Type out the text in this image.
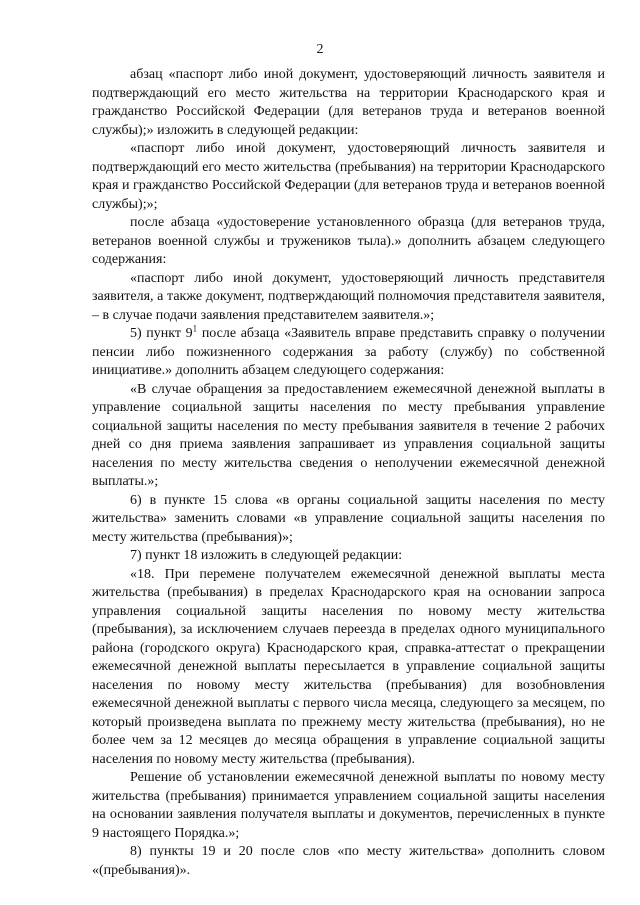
2

абзац «паспорт либо иной документ, удостоверяющий личность заявителя и подтверждающий его место жительства на территории Краснодарского края и гражданство Российской Федерации (для ветеранов труда и ветеранов военной службы);» изложить в следующей редакции:

«паспорт либо иной документ, удостоверяющий личность заявителя и подтверждающий его место жительства (пребывания) на территории Краснодарского края и гражданство Российской Федерации (для ветеранов труда и ветеранов военной службы);»;

после абзаца «удостоверение установленного образца (для ветеранов труда, ветеранов военной службы и тружеников тыла).» дополнить абзацем следующего содержания:

«паспорт либо иной документ, удостоверяющий личность представителя заявителя, а также документ, подтверждающий полномочия представителя заявителя, – в случае подачи заявления представителем заявителя.»;

5) пункт $9^1$ после абзаца «Заявитель вправе представить справку о получении пенсии либо пожизненного содержания за работу (службу) по собственной инициативе.» дополнить абзацем следующего содержания:

«В случае обращения за предоставлением ежемесячной денежной выплаты в управление социальной защиты населения по месту пребывания управление социальной защиты населения по месту пребывания заявителя в течение 2 рабочих дней со дня приема заявления запрашивает из управления социальной защиты населения по месту жительства сведения о неполучении ежемесячной денежной выплаты.»;

6) в пункте 15 слова «в органы социальной защиты населения по месту жительства» заменить словами «в управление социальной защиты населения по месту жительства (пребывания)»;

7) пункт 18 изложить в следующей редакции:

«18. При перемене получателем ежемесячной денежной выплаты места жительства (пребывания) в пределах Краснодарского края на основании запроса управления социальной защиты населения по новому месту жительства (пребывания), за исключением случаев переезда в пределах одного муниципального района (городского округа) Краснодарского края, справка-аттестат о прекращении ежемесячной денежной выплаты пересылается в управление социальной защиты населения по новому месту жительства (пребывания) для возобновления ежемесячной денежной выплаты с первого числа месяца, следующего за месяцем, по который произведена выплата по прежнему месту жительства (пребывания), но не более чем за 12 месяцев до месяца обращения в управление социальной защиты населения по новому месту жительства (пребывания).

Решение об установлении ежемесячной денежной выплаты по новому месту жительства (пребывания) принимается управлением социальной защиты населения на основании заявления получателя выплаты и документов, перечисленных в пункте 9 настоящего Порядка.»;

8) пункты 19 и 20 после слов «по месту жительства» дополнить словом «(пребывания)».
